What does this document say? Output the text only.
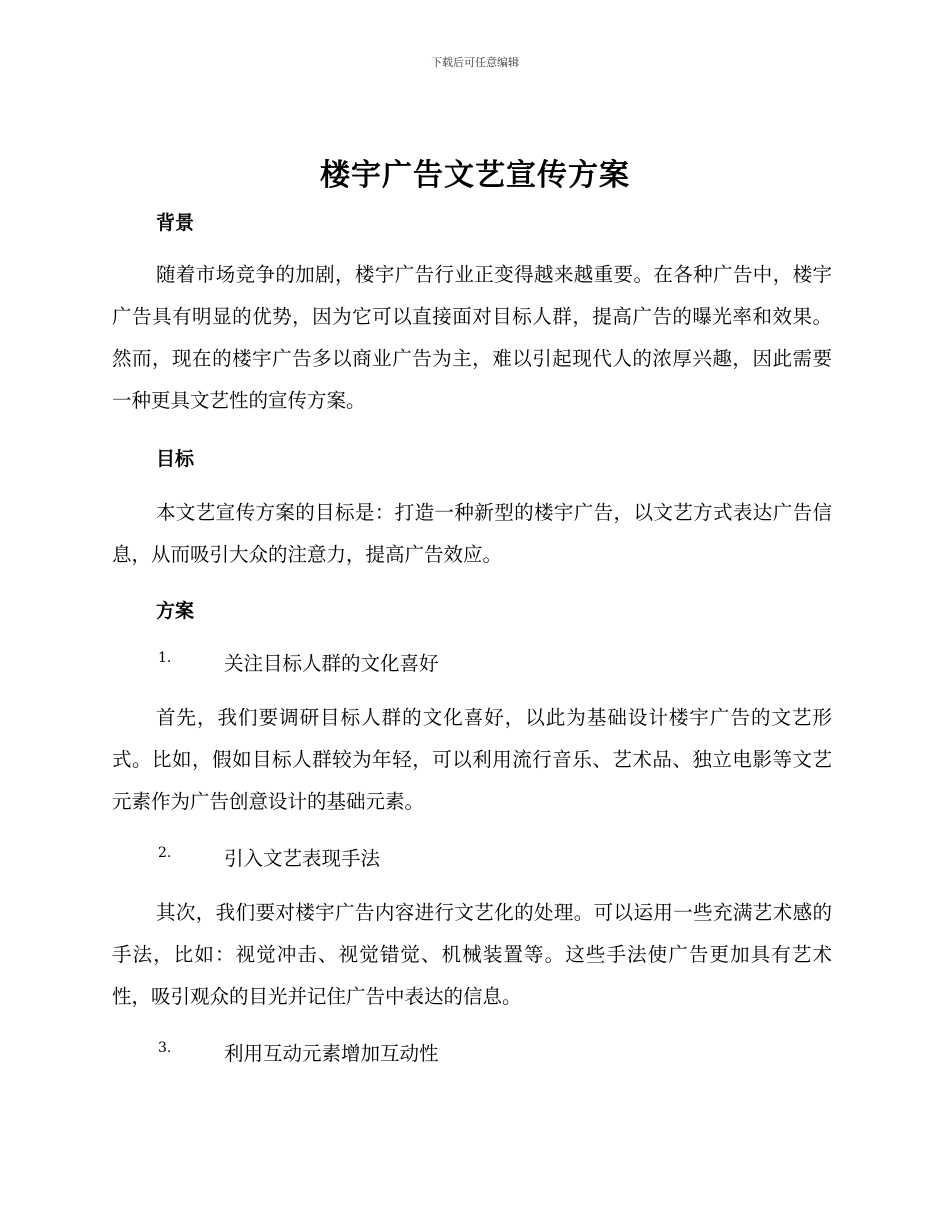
下载后可任意编辑
楼宇广告文艺宣传方案
背景
随着市场竞争的加剧，楼宇广告行业正变得越来越重要。在各种广告中，楼宇广告具有明显的优势，因为它可以直接面对目标人群，提高广告的曝光率和效果。然而，现在的楼宇广告多以商业广告为主，难以引起现代人的浓厚兴趣，因此需要一种更具文艺性的宣传方案。
目标
本文艺宣传方案的目标是：打造一种新型的楼宇广告，以文艺方式表达广告信息，从而吸引大众的注意力，提高广告效应。
方案
1.	关注目标人群的文化喜好
首先，我们要调研目标人群的文化喜好，以此为基础设计楼宇广告的文艺形式。比如，假如目标人群较为年轻，可以利用流行音乐、艺术品、独立电影等文艺元素作为广告创意设计的基础元素。
2.	引入文艺表现手法
其次，我们要对楼宇广告内容进行文艺化的处理。可以运用一些充满艺术感的手法，比如：视觉冲击、视觉错觉、机械装置等。这些手法使广告更加具有艺术性，吸引观众的目光并记住广告中表达的信息。
3.	利用互动元素增加互动性
